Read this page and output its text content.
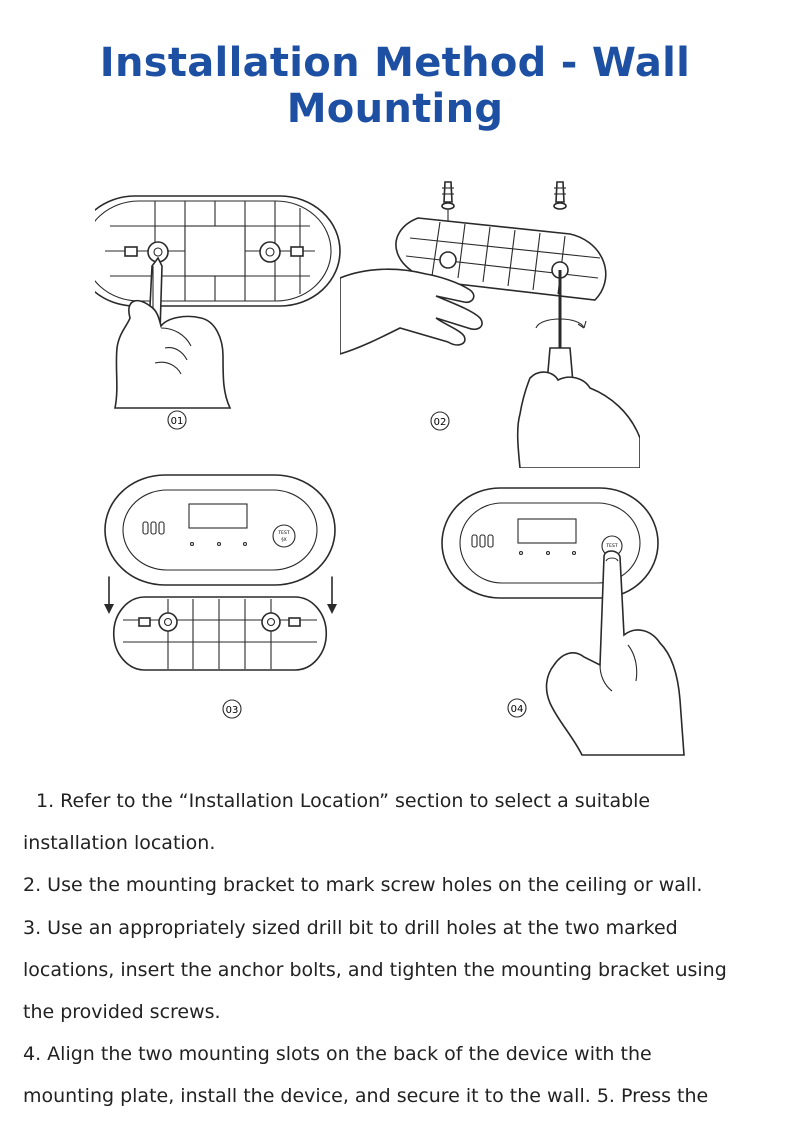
Installation Method - Wall Mounting
01	02
TEST
§X
03
TEST
04

1. Refer to the “Installation Location” section to select a suitable

installation location.

2. Use the mounting bracket to mark screw holes on the ceiling or wall.

3. Use an appropriately sized drill bit to drill holes at the two marked

locations, insert the anchor bolts, and tighten the mounting bracket using

the provided screws.

4. Align the two mounting slots on the back of the device with the

mounting plate, install the device, and secure it to the wall. 5. Press the
